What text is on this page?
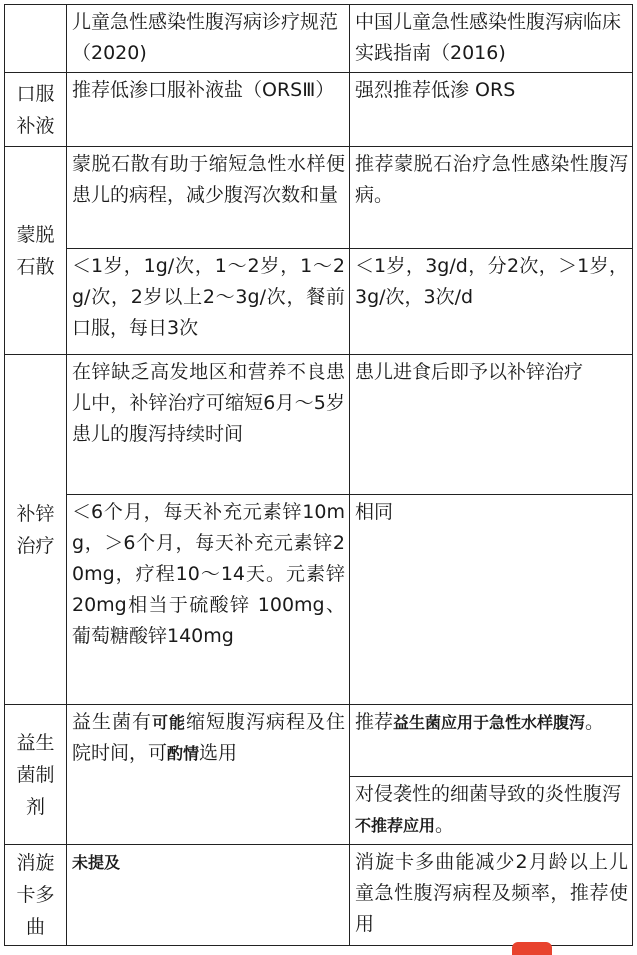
	儿童急性感染性腹泻病诊疗规范（2020)	中国儿童急性感染性腹泻病临床实践指南（2016)

口服补液	推荐低渗口服补液盐（ORSⅢ）	强烈推荐低渗 ORS

蒙脱石散	蒙脱石散有助于缩短急性水样便患儿的病程，减少腹泻次数和量	推荐蒙脱石治疗急性感染性腹泻病。
	＜1岁，1g/次，1～2岁，1～2g/次，2岁以上2～3g/次，餐前口服，每日3次	＜1岁，3g/d，分2次，＞1岁，3g/次，3次/d

补锌治疗	在锌缺乏高发地区和营养不良患儿中，补锌治疗可缩短6月～5岁患儿的腹泻持续时间	患儿进食后即予以补锌治疗
	＜6个月，每天补充元素锌10mg，＞6个月，每天补充元素锌20mg，疗程10～14天。元素锌20mg相当于硫酸锌 100mg、葡萄糖酸锌140mg	相同

益生菌制剂	益生菌有可能缩短腹泻病程及住院时间，可酌情选用	推荐益生菌应用于急性水样腹泻。
		对侵袭性的细菌导致的炎性腹泻不推荐应用。

消旋卡多曲	未提及	消旋卡多曲能减少2月龄以上儿童急性腹泻病程及频率，推荐使用
